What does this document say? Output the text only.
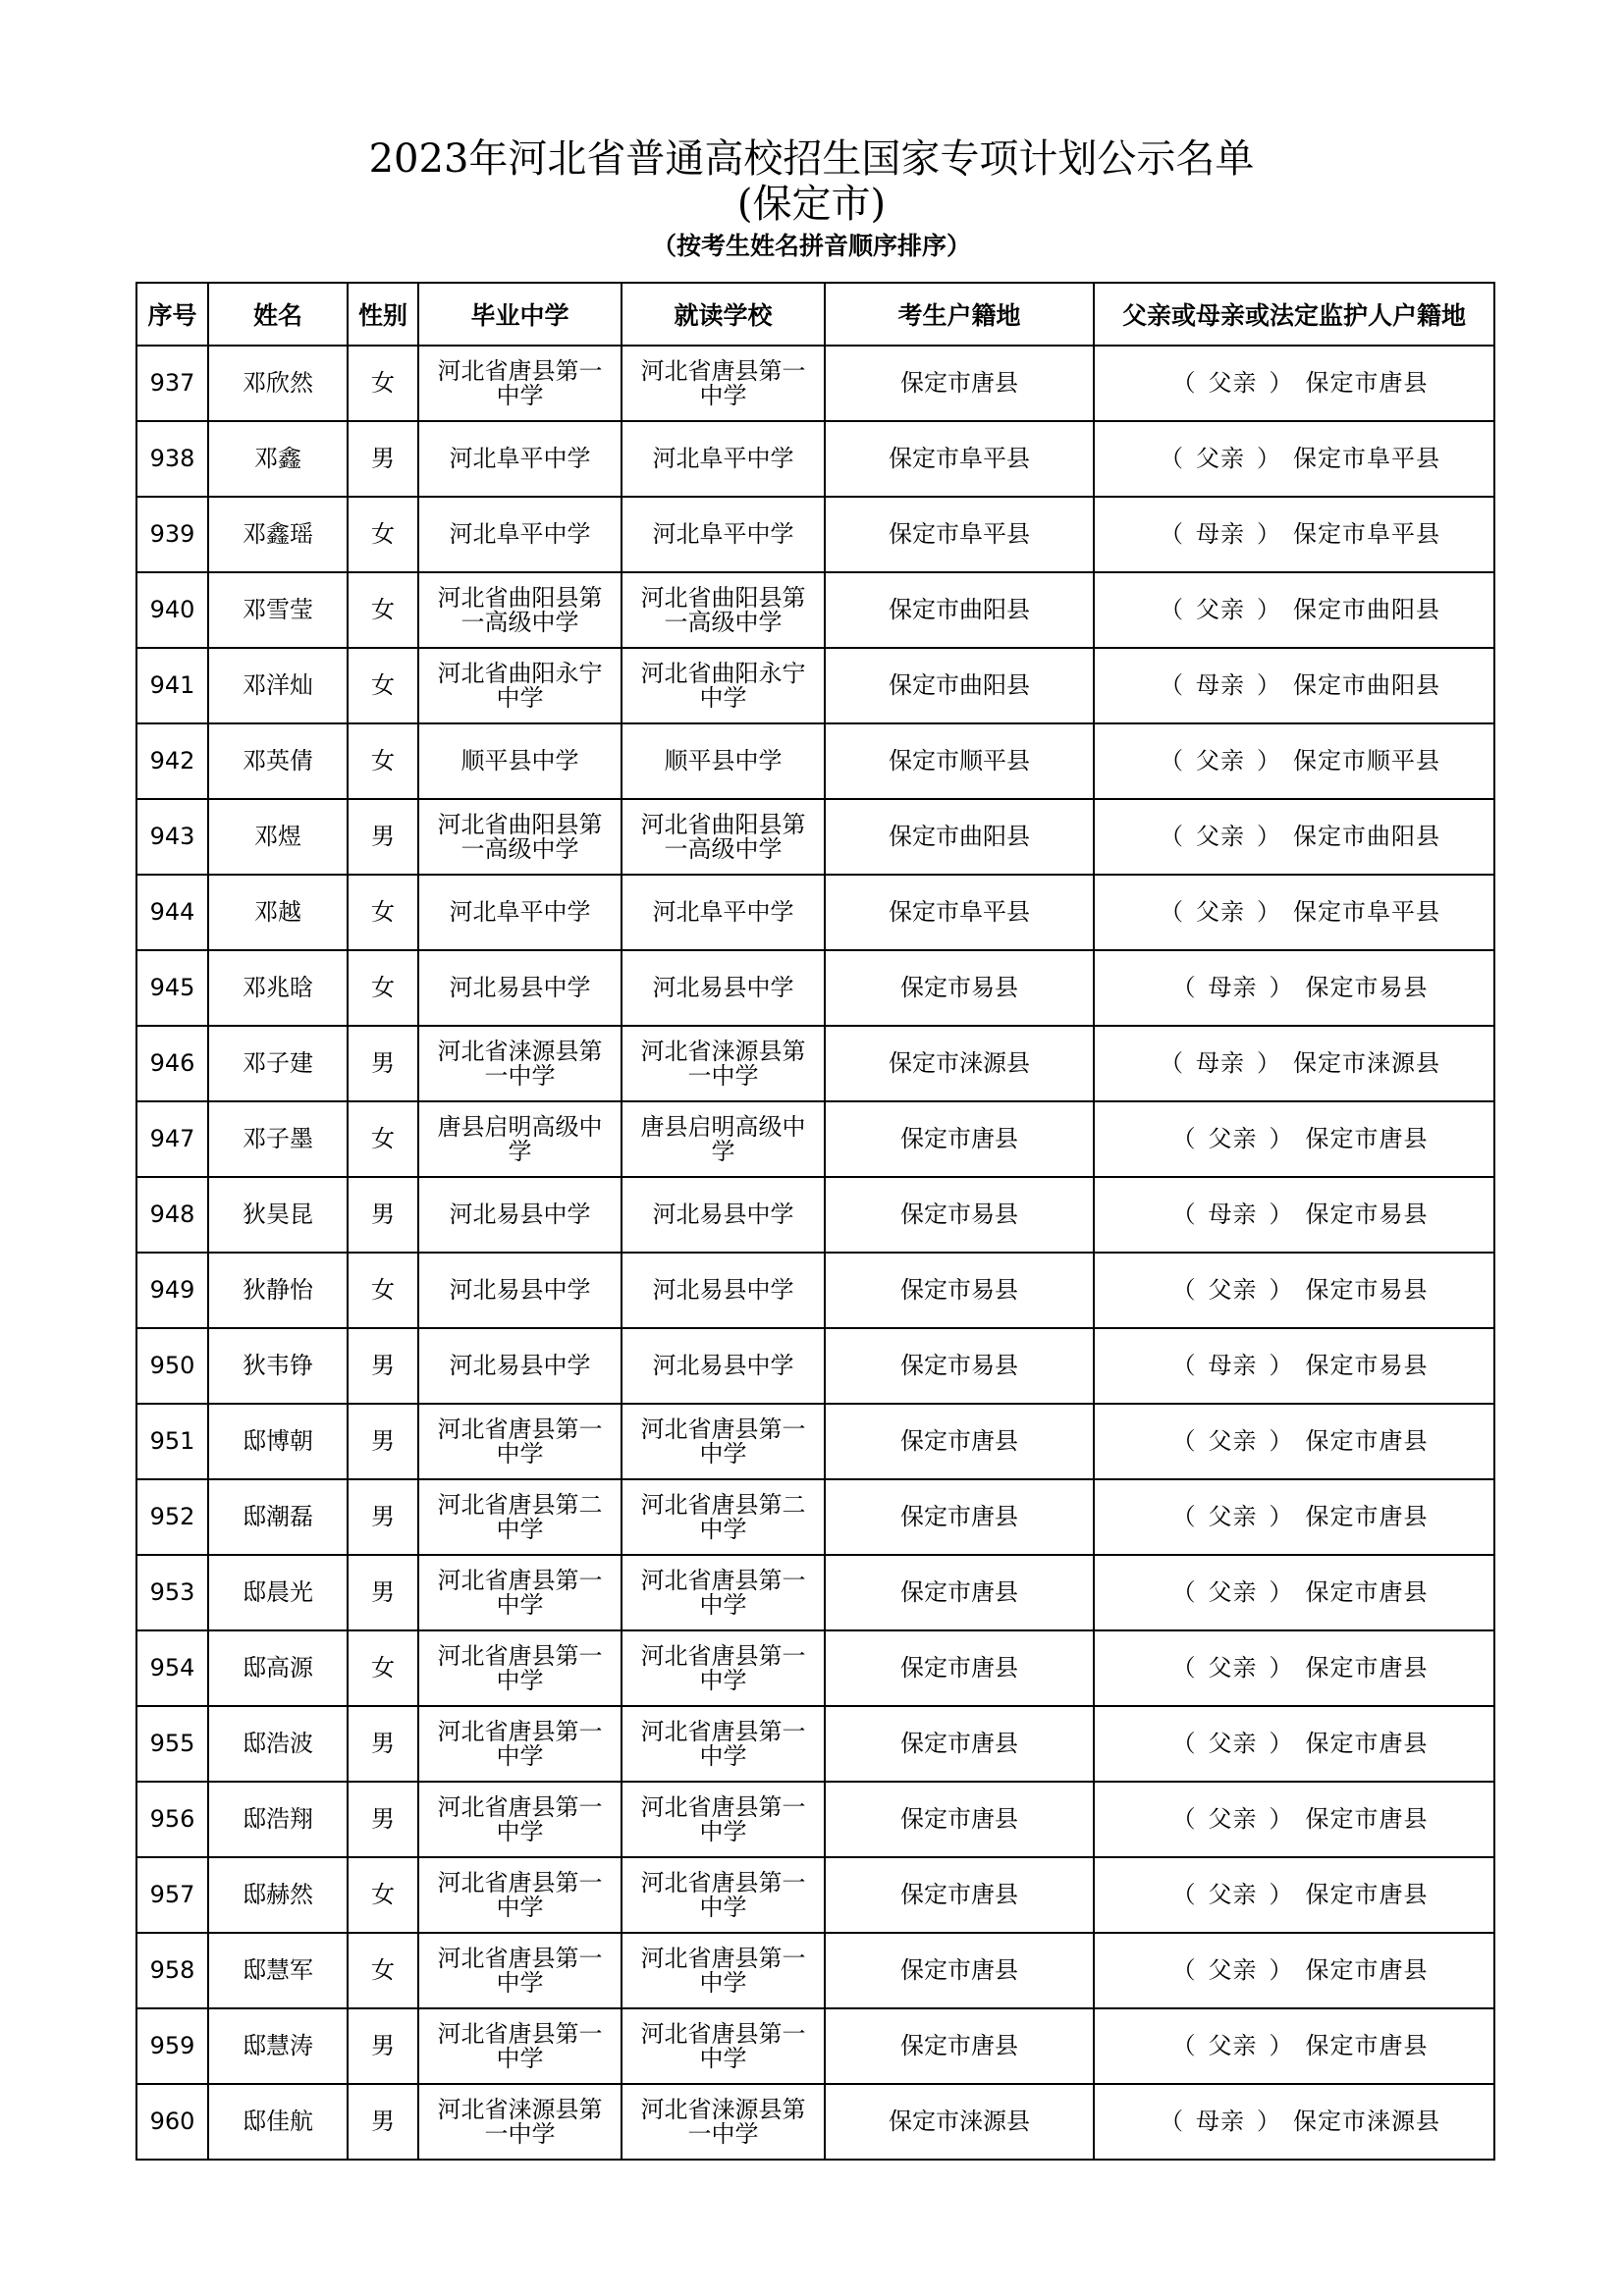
2023年河北省普通高校招生国家专项计划公示名单
(保定市)
（按考生姓名拼音顺序排序）
序号	姓名	性别	毕业中学	就读学校	考生户籍地	父亲或母亲或法定监护人户籍地
937	邓欣然	女	河北省唐县第一中学	河北省唐县第一中学	保定市唐县	（ 父亲 ） 保定市唐县
938	邓鑫	男	河北阜平中学	河北阜平中学	保定市阜平县	（ 父亲 ） 保定市阜平县
939	邓鑫瑶	女	河北阜平中学	河北阜平中学	保定市阜平县	（ 母亲 ） 保定市阜平县
940	邓雪莹	女	河北省曲阳县第一高级中学	河北省曲阳县第一高级中学	保定市曲阳县	（ 父亲 ） 保定市曲阳县
941	邓洋灿	女	河北省曲阳永宁中学	河北省曲阳永宁中学	保定市曲阳县	（ 母亲 ） 保定市曲阳县
942	邓英倩	女	顺平县中学	顺平县中学	保定市顺平县	（ 父亲 ） 保定市顺平县
943	邓煜	男	河北省曲阳县第一高级中学	河北省曲阳县第一高级中学	保定市曲阳县	（ 父亲 ） 保定市曲阳县
944	邓越	女	河北阜平中学	河北阜平中学	保定市阜平县	（ 父亲 ） 保定市阜平县
945	邓兆晗	女	河北易县中学	河北易县中学	保定市易县	（ 母亲 ） 保定市易县
946	邓子建	男	河北省涞源县第一中学	河北省涞源县第一中学	保定市涞源县	（ 母亲 ） 保定市涞源县
947	邓子墨	女	唐县启明高级中学	唐县启明高级中学	保定市唐县	（ 父亲 ） 保定市唐县
948	狄昊昆	男	河北易县中学	河北易县中学	保定市易县	（ 母亲 ） 保定市易县
949	狄静怡	女	河北易县中学	河北易县中学	保定市易县	（ 父亲 ） 保定市易县
950	狄韦铮	男	河北易县中学	河北易县中学	保定市易县	（ 母亲 ） 保定市易县
951	邸博朝	男	河北省唐县第一中学	河北省唐县第一中学	保定市唐县	（ 父亲 ） 保定市唐县
952	邸潮磊	男	河北省唐县第二中学	河北省唐县第二中学	保定市唐县	（ 父亲 ） 保定市唐县
953	邸晨光	男	河北省唐县第一中学	河北省唐县第一中学	保定市唐县	（ 父亲 ） 保定市唐县
954	邸高源	女	河北省唐县第一中学	河北省唐县第一中学	保定市唐县	（ 父亲 ） 保定市唐县
955	邸浩波	男	河北省唐县第一中学	河北省唐县第一中学	保定市唐县	（ 父亲 ） 保定市唐县
956	邸浩翔	男	河北省唐县第一中学	河北省唐县第一中学	保定市唐县	（ 父亲 ） 保定市唐县
957	邸赫然	女	河北省唐县第一中学	河北省唐县第一中学	保定市唐县	（ 父亲 ） 保定市唐县
958	邸慧军	女	河北省唐县第一中学	河北省唐县第一中学	保定市唐县	（ 父亲 ） 保定市唐县
959	邸慧涛	男	河北省唐县第一中学	河北省唐县第一中学	保定市唐县	（ 父亲 ） 保定市唐县
960	邸佳航	男	河北省涞源县第一中学	河北省涞源县第一中学	保定市涞源县	（ 母亲 ） 保定市涞源县
